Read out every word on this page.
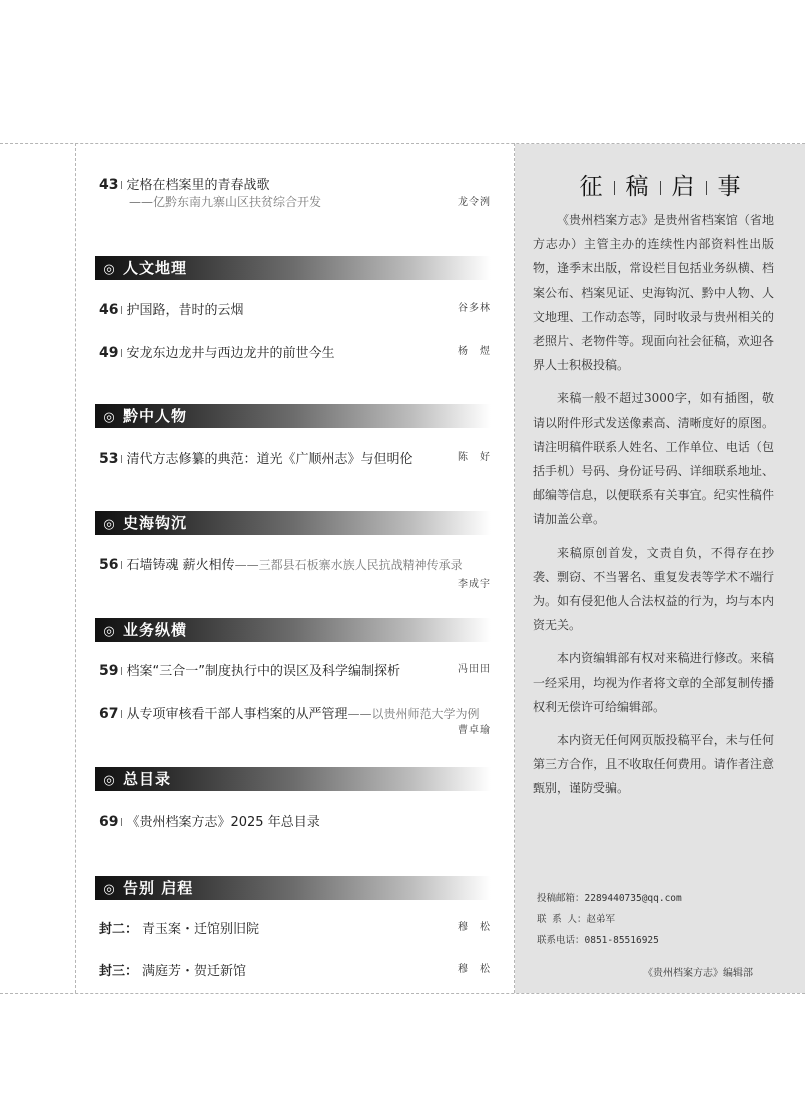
43 定格在档案里的青春战歌
——亿黔东南九寨山区扶贫综合开发	龙令洌
◎ 人文地理
46 护国路，昔时的云烟	谷多林
49 安龙东边龙井与西边龙井的前世今生	杨　煜
◎ 黔中人物
53 清代方志修纂的典范：道光《广顺州志》与但明伦	陈　好
◎ 史海钩沉
56 石墙铸魂 薪火相传——三都县石板寨水族人民抗战精神传承录
李成宇
◎ 业务纵横
59 档案“三合一”制度执行中的误区及科学编制探析	冯田田
67 从专项审核看干部人事档案的从严管理——以贵州师范大学为例
曹卓瑜
◎ 总目录
69 《贵州档案方志》2025 年总目录
◎ 告别 启程
封二： 青玉案・迁馆别旧院	穆　松
封三： 满庭芳・贺迁新馆	穆　松
征 稿 启 事

《贵州档案方志》是贵州省档案馆（省地方志办）主管主办的连续性内部资料性出版物，逢季末出版，常设栏目包括业务纵横、档案公布、档案见证、史海钩沉、黔中人物、人文地理、工作动态等，同时收录与贵州相关的老照片、老物件等。现面向社会征稿，欢迎各界人士积极投稿。

来稿一般不超过3000字，如有插图，敬请以附件形式发送像素高、清晰度好的原图。请注明稿件联系人姓名、工作单位、电话（包括手机）号码、身份证号码、详细联系地址、邮编等信息，以便联系有关事宜。纪实性稿件请加盖公章。

来稿原创首发，文责自负，不得存在抄袭、剽窃、不当署名、重复发表等学术不端行为。如有侵犯他人合法权益的行为，均与本内资无关。

本内资编辑部有权对来稿进行修改。来稿一经采用，均视为作者将文章的全部复制传播权利无偿许可给编辑部。

本内资无任何网页版投稿平台，未与任何第三方合作，且不收取任何费用。请作者注意甄别，谨防受骗。

投稿邮箱：2289440735@qq.com
联 系 人：赵弟军
联系电话：0851-85516925
《贵州档案方志》编辑部
